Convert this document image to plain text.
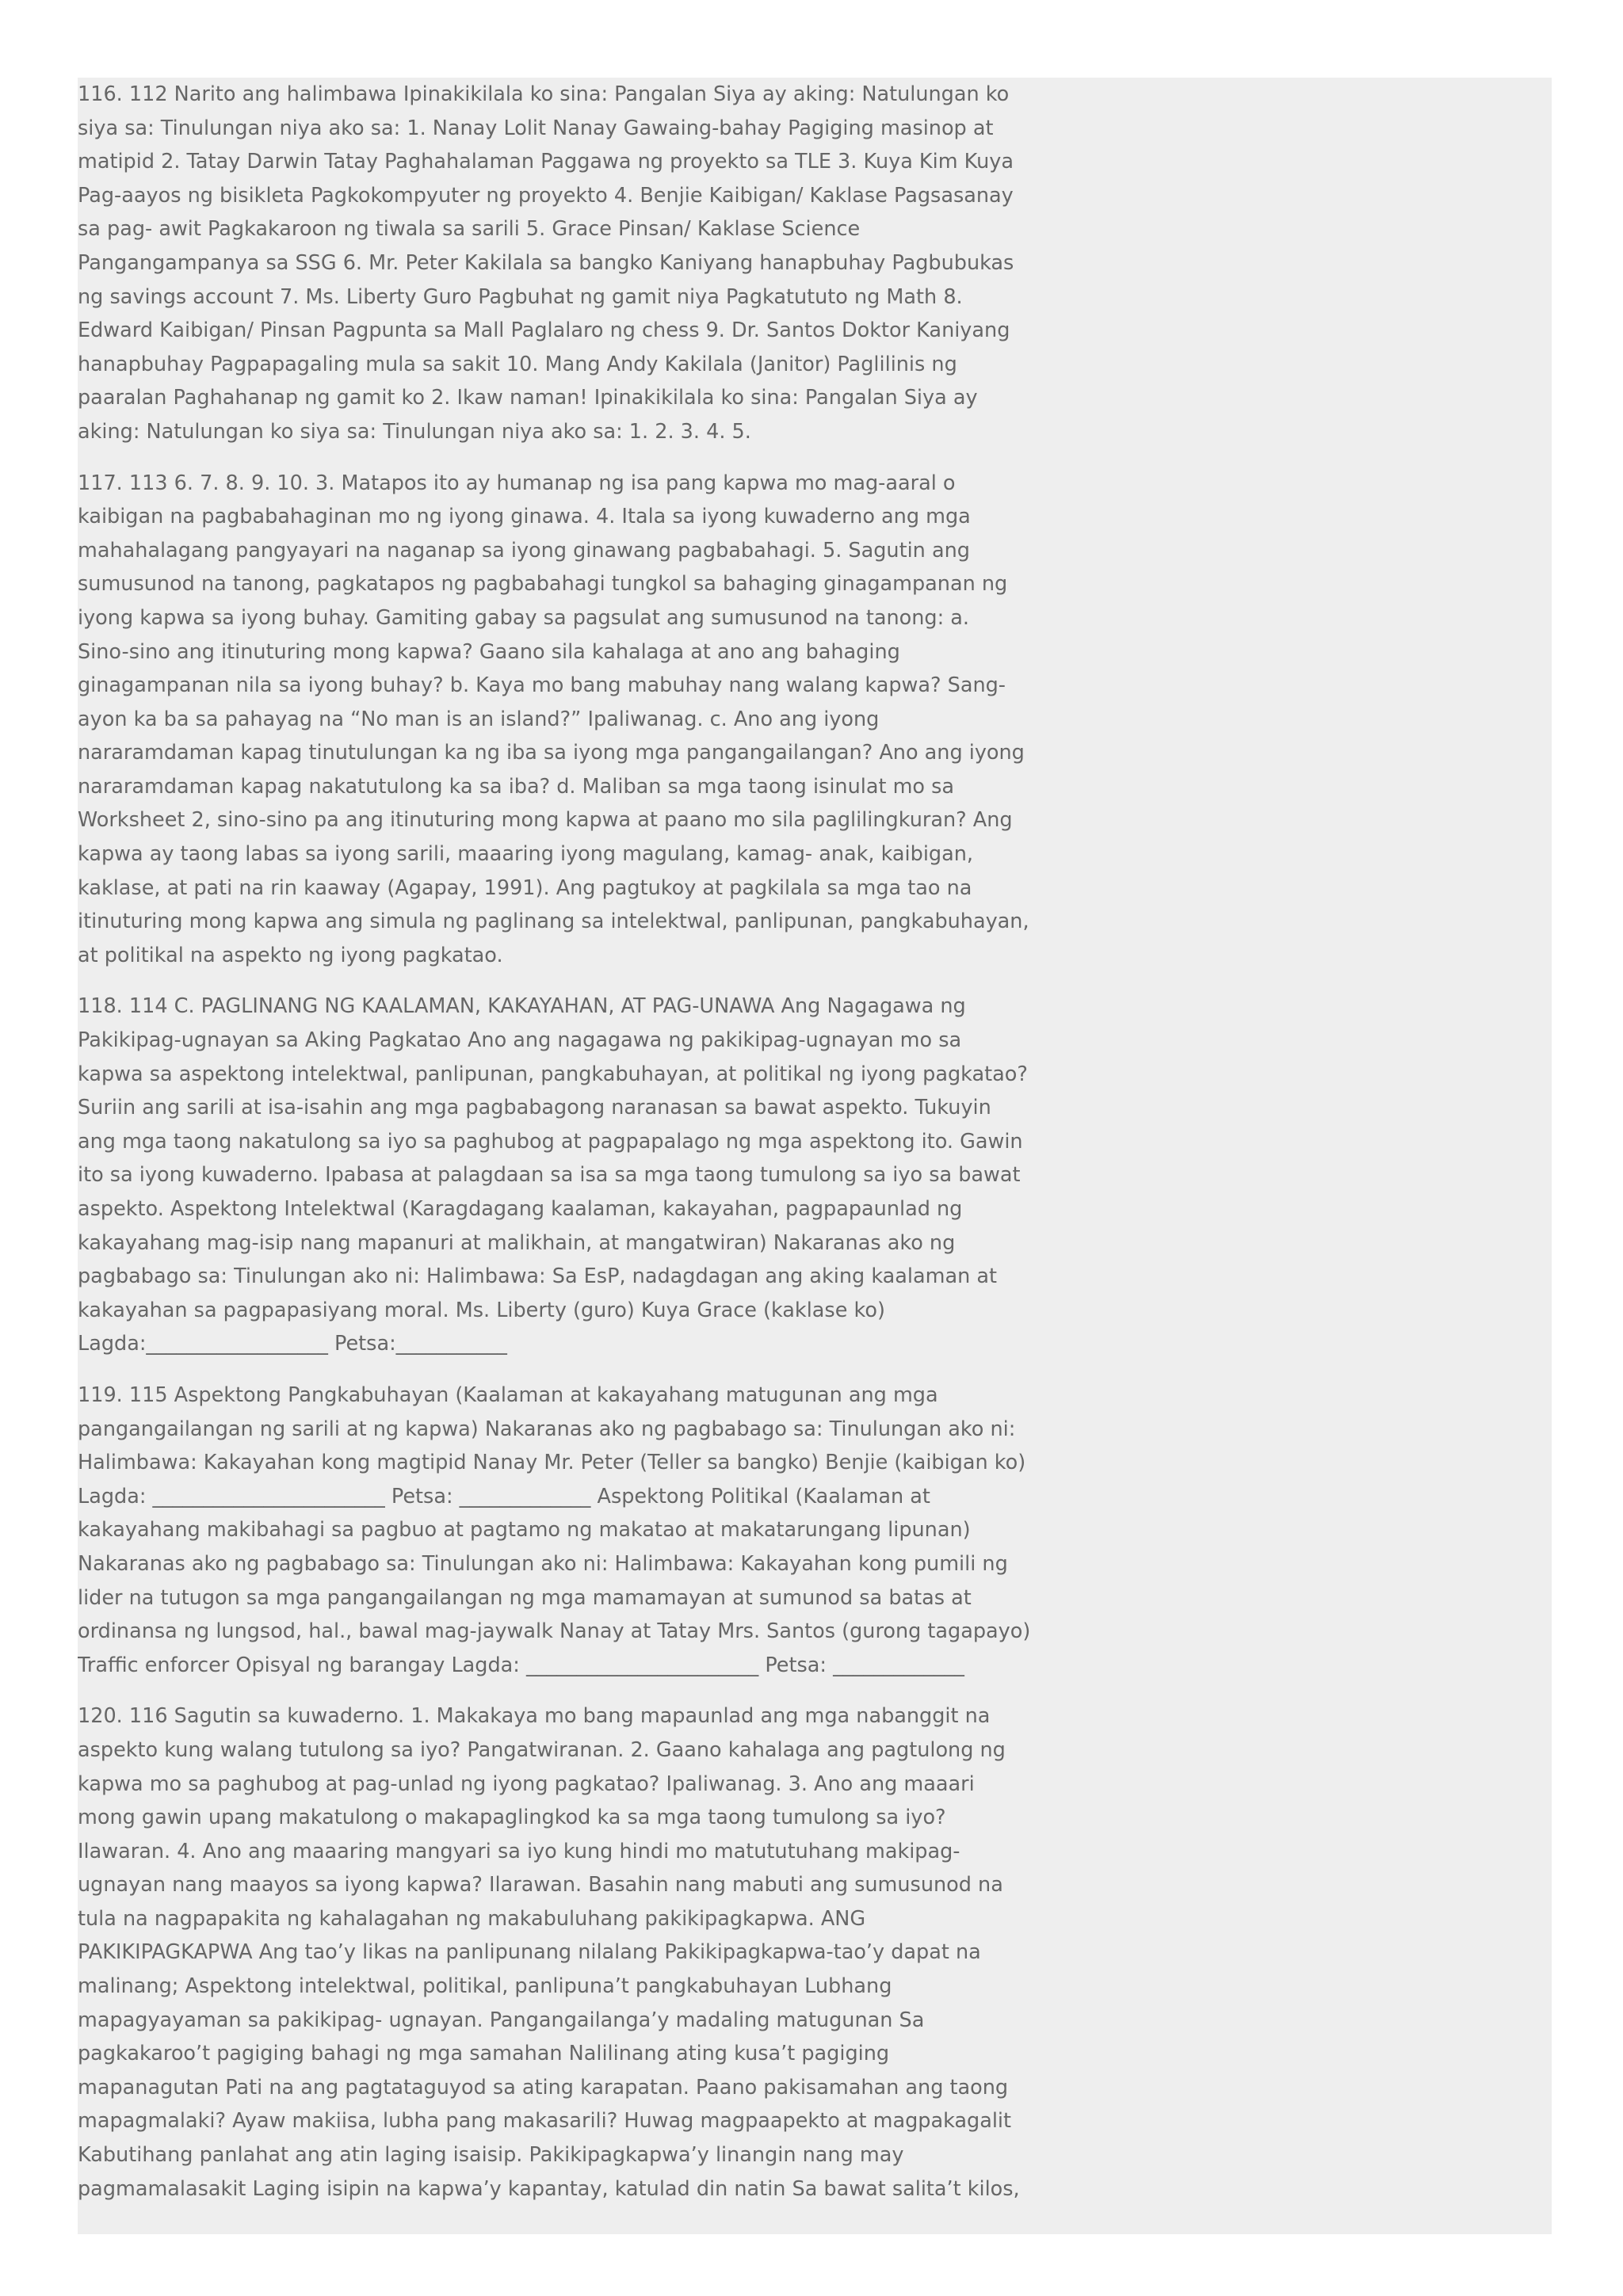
116. 112 Narito ang halimbawa Ipinakikilala ko sina: Pangalan Siya ay aking: Natulungan ko
siya sa: Tinulungan niya ako sa: 1. Nanay Lolit Nanay Gawaing-bahay Pagiging masinop at
matipid 2. Tatay Darwin Tatay Paghahalaman Paggawa ng proyekto sa TLE 3. Kuya Kim Kuya
Pag-aayos ng bisikleta Pagkokompyuter ng proyekto 4. Benjie Kaibigan/ Kaklase Pagsasanay
sa pag- awit Pagkakaroon ng tiwala sa sarili 5. Grace Pinsan/ Kaklase Science
Pangangampanya sa SSG 6. Mr. Peter Kakilala sa bangko Kaniyang hanapbuhay Pagbubukas
ng savings account 7. Ms. Liberty Guro Pagbuhat ng gamit niya Pagkatututo ng Math 8.
Edward Kaibigan/ Pinsan Pagpunta sa Mall Paglalaro ng chess 9. Dr. Santos Doktor Kaniyang
hanapbuhay Pagpapagaling mula sa sakit 10. Mang Andy Kakilala (Janitor) Paglilinis ng
paaralan Paghahanap ng gamit ko 2. Ikaw naman! Ipinakikilala ko sina: Pangalan Siya ay
aking: Natulungan ko siya sa: Tinulungan niya ako sa: 1. 2. 3. 4. 5.

117. 113 6. 7. 8. 9. 10. 3. Matapos ito ay humanap ng isa pang kapwa mo mag-aaral o
kaibigan na pagbabahaginan mo ng iyong ginawa. 4. Itala sa iyong kuwaderno ang mga
mahahalagang pangyayari na naganap sa iyong ginawang pagbabahagi. 5. Sagutin ang
sumusunod na tanong, pagkatapos ng pagbabahagi tungkol sa bahaging ginagampanan ng
iyong kapwa sa iyong buhay. Gamiting gabay sa pagsulat ang sumusunod na tanong: a.
Sino-sino ang itinuturing mong kapwa? Gaano sila kahalaga at ano ang bahaging
ginagampanan nila sa iyong buhay? b. Kaya mo bang mabuhay nang walang kapwa? Sang-
ayon ka ba sa pahayag na “No man is an island?” Ipaliwanag. c. Ano ang iyong
nararamdaman kapag tinutulungan ka ng iba sa iyong mga pangangailangan? Ano ang iyong
nararamdaman kapag nakatutulong ka sa iba? d. Maliban sa mga taong isinulat mo sa
Worksheet 2, sino-sino pa ang itinuturing mong kapwa at paano mo sila paglilingkuran? Ang
kapwa ay taong labas sa iyong sarili, maaaring iyong magulang, kamag- anak, kaibigan,
kaklase, at pati na rin kaaway (Agapay, 1991). Ang pagtukoy at pagkilala sa mga tao na
itinuturing mong kapwa ang simula ng paglinang sa intelektwal, panlipunan, pangkabuhayan,
at politikal na aspekto ng iyong pagkatao.

118. 114 C. PAGLINANG NG KAALAMAN, KAKAYAHAN, AT PAG-UNAWA Ang Nagagawa ng
Pakikipag-ugnayan sa Aking Pagkatao Ano ang nagagawa ng pakikipag-ugnayan mo sa
kapwa sa aspektong intelektwal, panlipunan, pangkabuhayan, at politikal ng iyong pagkatao?
Suriin ang sarili at isa-isahin ang mga pagbabagong naranasan sa bawat aspekto. Tukuyin
ang mga taong nakatulong sa iyo sa paghubog at pagpapalago ng mga aspektong ito. Gawin
ito sa iyong kuwaderno. Ipabasa at palagdaan sa isa sa mga taong tumulong sa iyo sa bawat
aspekto. Aspektong Intelektwal (Karagdagang kaalaman, kakayahan, pagpapaunlad ng
kakayahang mag-isip nang mapanuri at malikhain, at mangatwiran) Nakaranas ako ng
pagbabago sa: Tinulungan ako ni: Halimbawa: Sa EsP, nadagdagan ang aking kaalaman at
kakayahan sa pagpapasiyang moral. Ms. Liberty (guro) Kuya Grace (kaklase ko)
Lagda:__________________ Petsa:___________

119. 115 Aspektong Pangkabuhayan (Kaalaman at kakayahang matugunan ang mga
pangangailangan ng sarili at ng kapwa) Nakaranas ako ng pagbabago sa: Tinulungan ako ni:
Halimbawa: Kakayahan kong magtipid Nanay Mr. Peter (Teller sa bangko) Benjie (kaibigan ko)
Lagda: _______________________ Petsa: _____________ Aspektong Politikal (Kaalaman at
kakayahang makibahagi sa pagbuo at pagtamo ng makatao at makatarungang lipunan)
Nakaranas ako ng pagbabago sa: Tinulungan ako ni: Halimbawa: Kakayahan kong pumili ng
lider na tutugon sa mga pangangailangan ng mga mamamayan at sumunod sa batas at
ordinansa ng lungsod, hal., bawal mag-jaywalk Nanay at Tatay Mrs. Santos (gurong tagapayo)
Traffic enforcer Opisyal ng barangay Lagda: _______________________ Petsa: _____________

120. 116 Sagutin sa kuwaderno. 1. Makakaya mo bang mapaunlad ang mga nabanggit na
aspekto kung walang tutulong sa iyo? Pangatwiranan. 2. Gaano kahalaga ang pagtulong ng
kapwa mo sa paghubog at pag-unlad ng iyong pagkatao? Ipaliwanag. 3. Ano ang maaari
mong gawin upang makatulong o makapaglingkod ka sa mga taong tumulong sa iyo?
Ilawaran. 4. Ano ang maaaring mangyari sa iyo kung hindi mo matututuhang makipag-
ugnayan nang maayos sa iyong kapwa? Ilarawan. Basahin nang mabuti ang sumusunod na
tula na nagpapakita ng kahalagahan ng makabuluhang pakikipagkapwa. ANG
PAKIKIPAGKAPWA Ang tao’y likas na panlipunang nilalang Pakikipagkapwa-tao’y dapat na
malinang; Aspektong intelektwal, politikal, panlipuna’t pangkabuhayan Lubhang
mapagyayaman sa pakikipag- ugnayan. Pangangailanga’y madaling matugunan Sa
pagkakaroo’t pagiging bahagi ng mga samahan Nalilinang ating kusa’t pagiging
mapanagutan Pati na ang pagtataguyod sa ating karapatan. Paano pakisamahan ang taong
mapagmalaki? Ayaw makiisa, lubha pang makasarili? Huwag magpaapekto at magpakagalit
Kabutihang panlahat ang atin laging isaisip. Pakikipagkapwa’y linangin nang may
pagmamalasakit Laging isipin na kapwa’y kapantay, katulad din natin Sa bawat salita’t kilos,
